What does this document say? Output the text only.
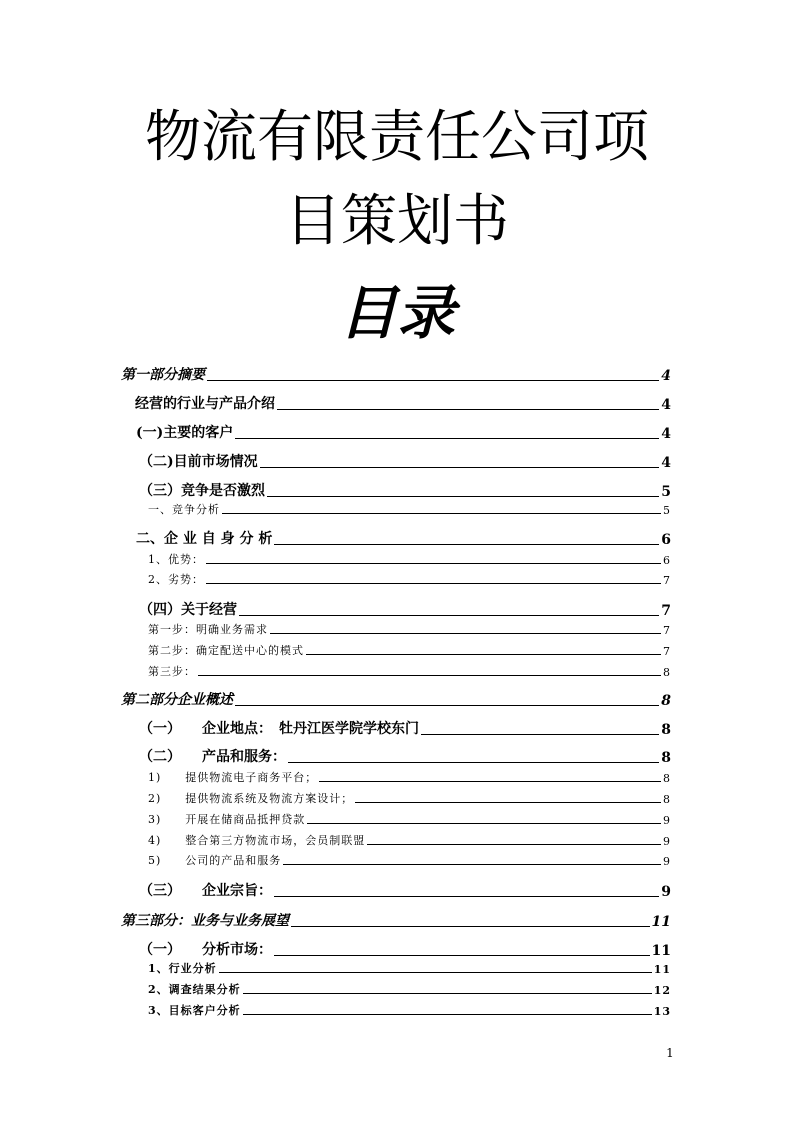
物流有限责任公司项
目策划书
目录
第一部分摘要	4
经营的行业与产品介绍	4
(一)主要的客户	4
（二)目前市场情况	4
（三）竞争是否激烈	5
一、竞争分析	5
二、企 业 自 身 分 析	6
1、优势：	6
2、劣势：	7
（四）关于经营	7
第一步：明确业务需求	7
第二步：确定配送中心的模式	7
第三步：	8
第二部分企业概述	8
（一）　　企业地点：　牡丹江医学院学校东门	8
（二）　　产品和服务：	8
1)　　提供物流电子商务平台；	8
2)　　提供物流系统及物流方案设计；	8
3)　　开展在储商品抵押贷款	9
4)　　整合第三方物流市场，会员制联盟	9
5)　　公司的产品和服务	9
（三）　　企业宗旨：	9
第三部分：业务与业务展望	11
（一）　　分析市场：	11
1、行业分析	11
2、调查结果分析	12
3、目标客户分析	13
1
